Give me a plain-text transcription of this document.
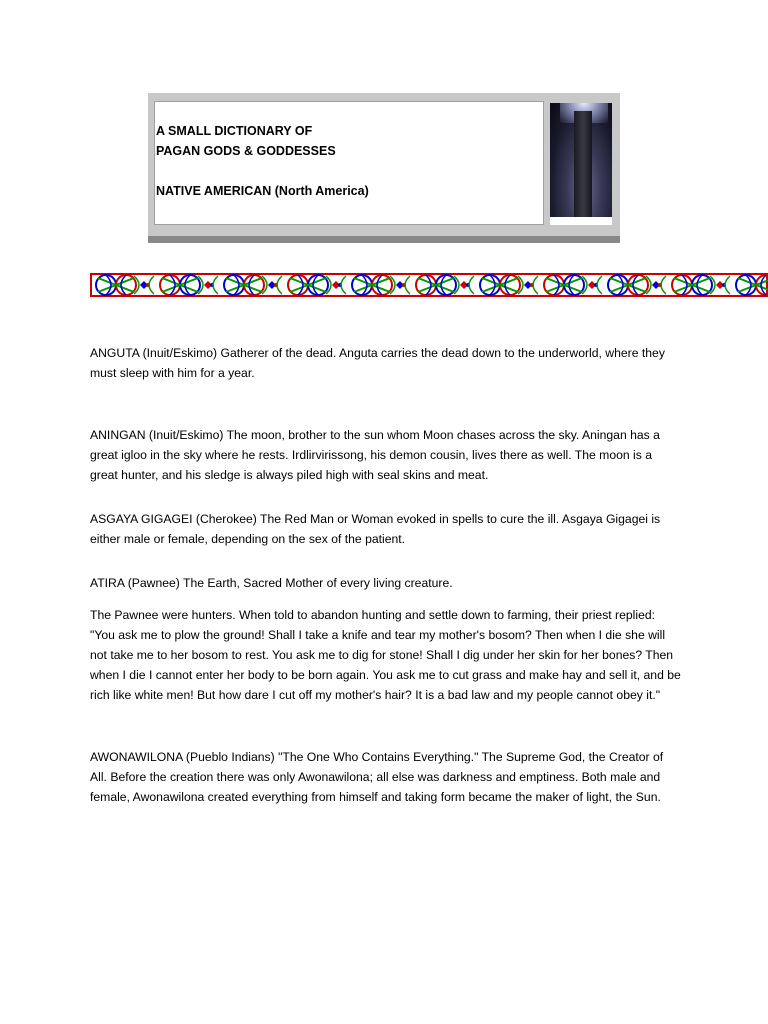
A SMALL DICTIONARY OF
PAGAN GODS & GODDESSES
NATIVE AMERICAN (North America)

ANGUTA (Inuit/Eskimo) Gatherer of the dead. Anguta carries the dead down to the underworld, where they must sleep with him for a year.

ANINGAN (Inuit/Eskimo) The moon, brother to the sun whom Moon chases across the sky. Aningan has a great igloo in the sky where he rests. Irdlirvirissong, his demon cousin, lives there as well. The moon is a great hunter, and his sledge is always piled high with seal skins and meat.

ASGAYA GIGAGEI (Cherokee) The Red Man or Woman evoked in spells to cure the ill. Asgaya Gigagei is either male or female, depending on the sex of the patient.

ATIRA (Pawnee) The Earth, Sacred Mother of every living creature.

The Pawnee were hunters. When told to abandon hunting and settle down to farming, their priest replied: "You ask me to plow the ground! Shall I take a knife and tear my mother's bosom? Then when I die she will not take me to her bosom to rest. You ask me to dig for stone! Shall I dig under her skin for her bones? Then when I die I cannot enter her body to be born again. You ask me to cut grass and make hay and sell it, and be rich like white men! But how dare I cut off my mother's hair? It is a bad law and my people cannot obey it."

AWONAWILONA (Pueblo Indians) "The One Who Contains Everything." The Supreme God, the Creator of All. Before the creation there was only Awonawilona; all else was darkness and emptiness. Both male and female, Awonawilona created everything from himself and taking form became the maker of light, the Sun.
